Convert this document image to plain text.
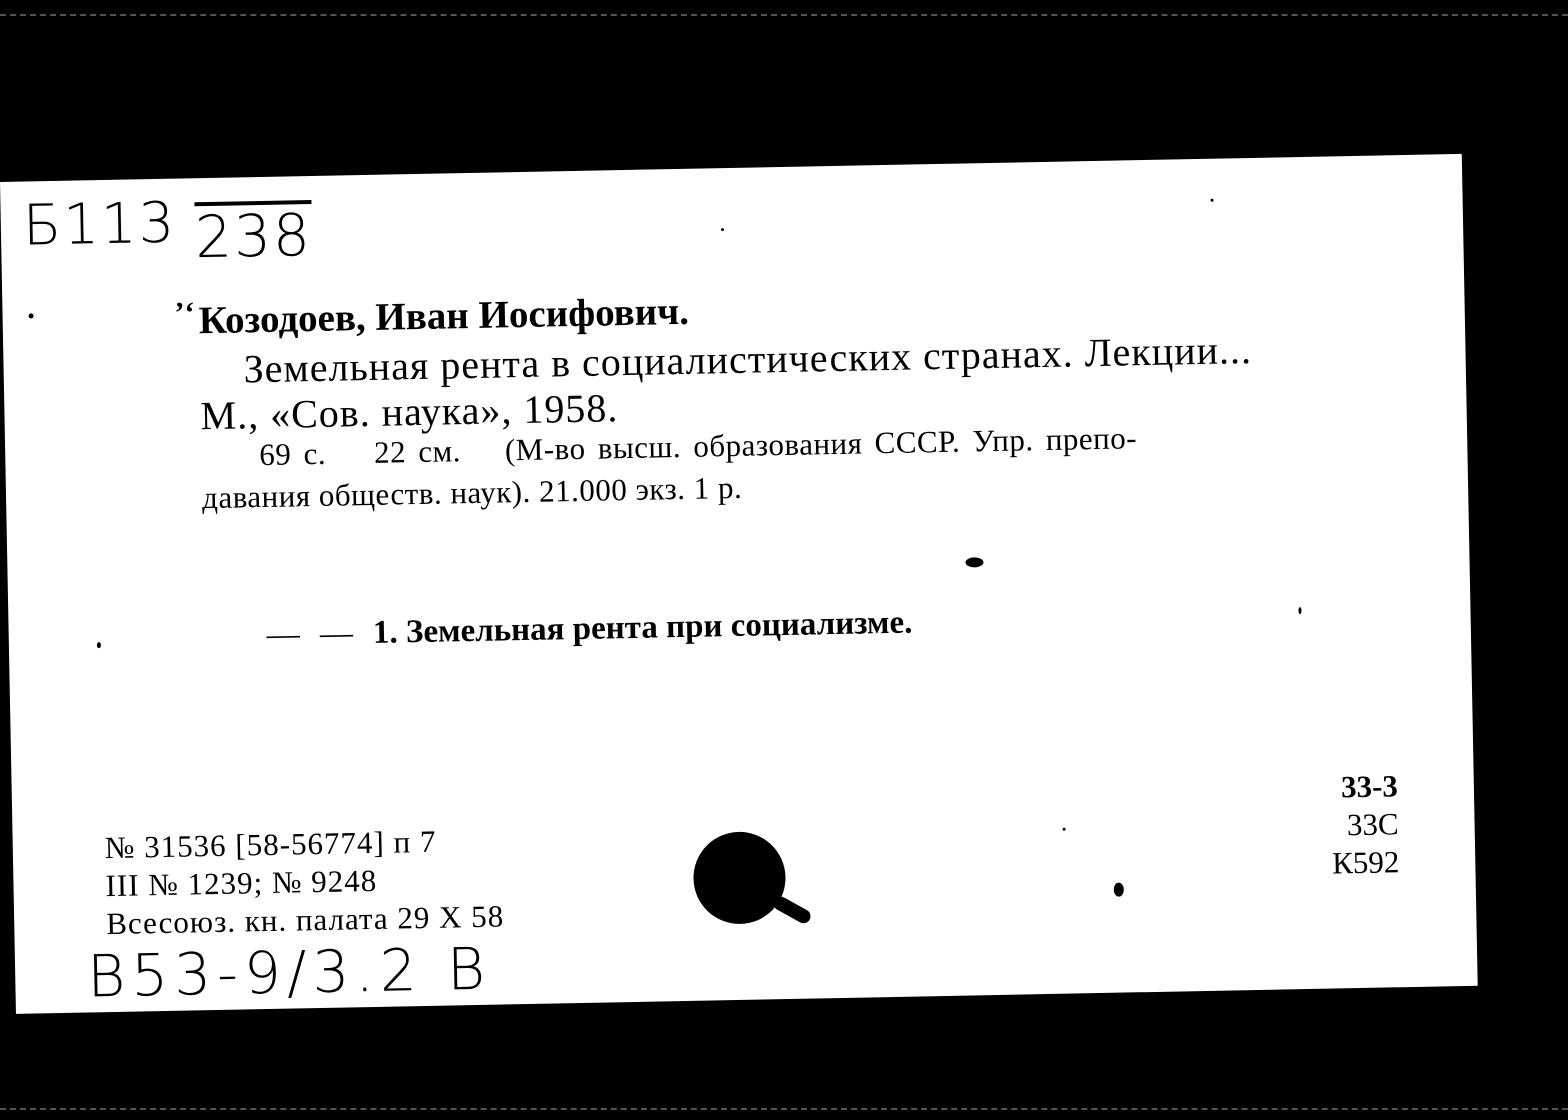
Б113 238
’‘ Козодоев, Иван Иосифович.
Земельная рента в социалистических странах. Лекции...
М., «Сов. наука», 1958.
69 с. 22 см. (М-во высш. образования СССР. Упр. препо-
давания обществ. наук). 21.000 экз. 1 р.
— — 1. Земельная рента при социализме.
№ 31536 [58-56774] п 7
III № 1239; № 9248
Всесоюз. кн. палата 29 X 58
33-3
33С
К592
В53-9/3.2 В
